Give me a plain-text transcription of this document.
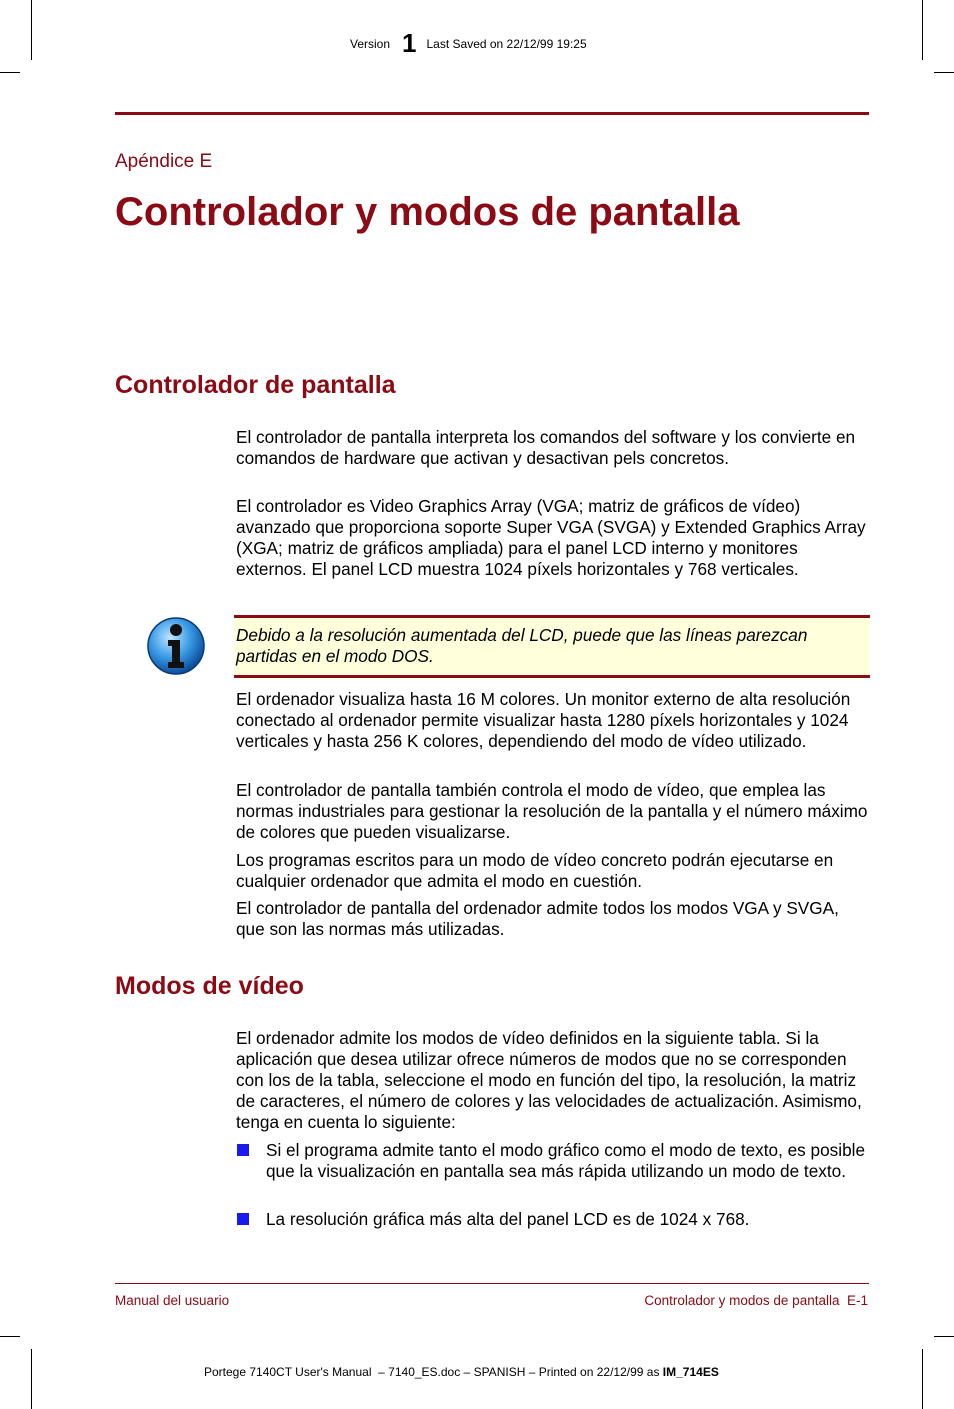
Version 1 Last Saved on 22/12/99 19:25
Apéndice E
Controlador y modos de pantalla
Controlador de pantalla
El controlador de pantalla interpreta los comandos del software y los convierte en comandos de hardware que activan y desactivan pels concretos.
El controlador es Video Graphics Array (VGA; matriz de gráficos de vídeo) avanzado que proporciona soporte Super VGA (SVGA) y Extended Graphics Array (XGA; matriz de gráficos ampliada) para el panel LCD interno y monitores externos. El panel LCD muestra 1024 píxels horizontales y 768 verticales.
Debido a la resolución aumentada del LCD, puede que las líneas parezcan partidas en el modo DOS.
El ordenador visualiza hasta 16 M colores. Un monitor externo de alta resolución conectado al ordenador permite visualizar hasta 1280 píxels horizontales y 1024 verticales y hasta 256 K colores, dependiendo del modo de vídeo utilizado.
El controlador de pantalla también controla el modo de vídeo, que emplea las normas industriales para gestionar la resolución de la pantalla y el número máximo de colores que pueden visualizarse.
Los programas escritos para un modo de vídeo concreto podrán ejecutarse en cualquier ordenador que admita el modo en cuestión.
El controlador de pantalla del ordenador admite todos los modos VGA y SVGA, que son las normas más utilizadas.
Modos de vídeo
El ordenador admite los modos de vídeo definidos en la siguiente tabla. Si la aplicación que desea utilizar ofrece números de modos que no se corresponden con los de la tabla, seleccione el modo en función del tipo, la resolución, la matriz de caracteres, el número de colores y las velocidades de actualización. Asimismo, tenga en cuenta lo siguiente:
Si el programa admite tanto el modo gráfico como el modo de texto, es posible que la visualización en pantalla sea más rápida utilizando un modo de texto.
La resolución gráfica más alta del panel LCD es de 1024 x 768.
Manual del usuario	Controlador y modos de pantalla  E-1
Portege 7140CT User's Manual  – 7140_ES.doc – SPANISH – Printed on 22/12/99 as IM_714ES
